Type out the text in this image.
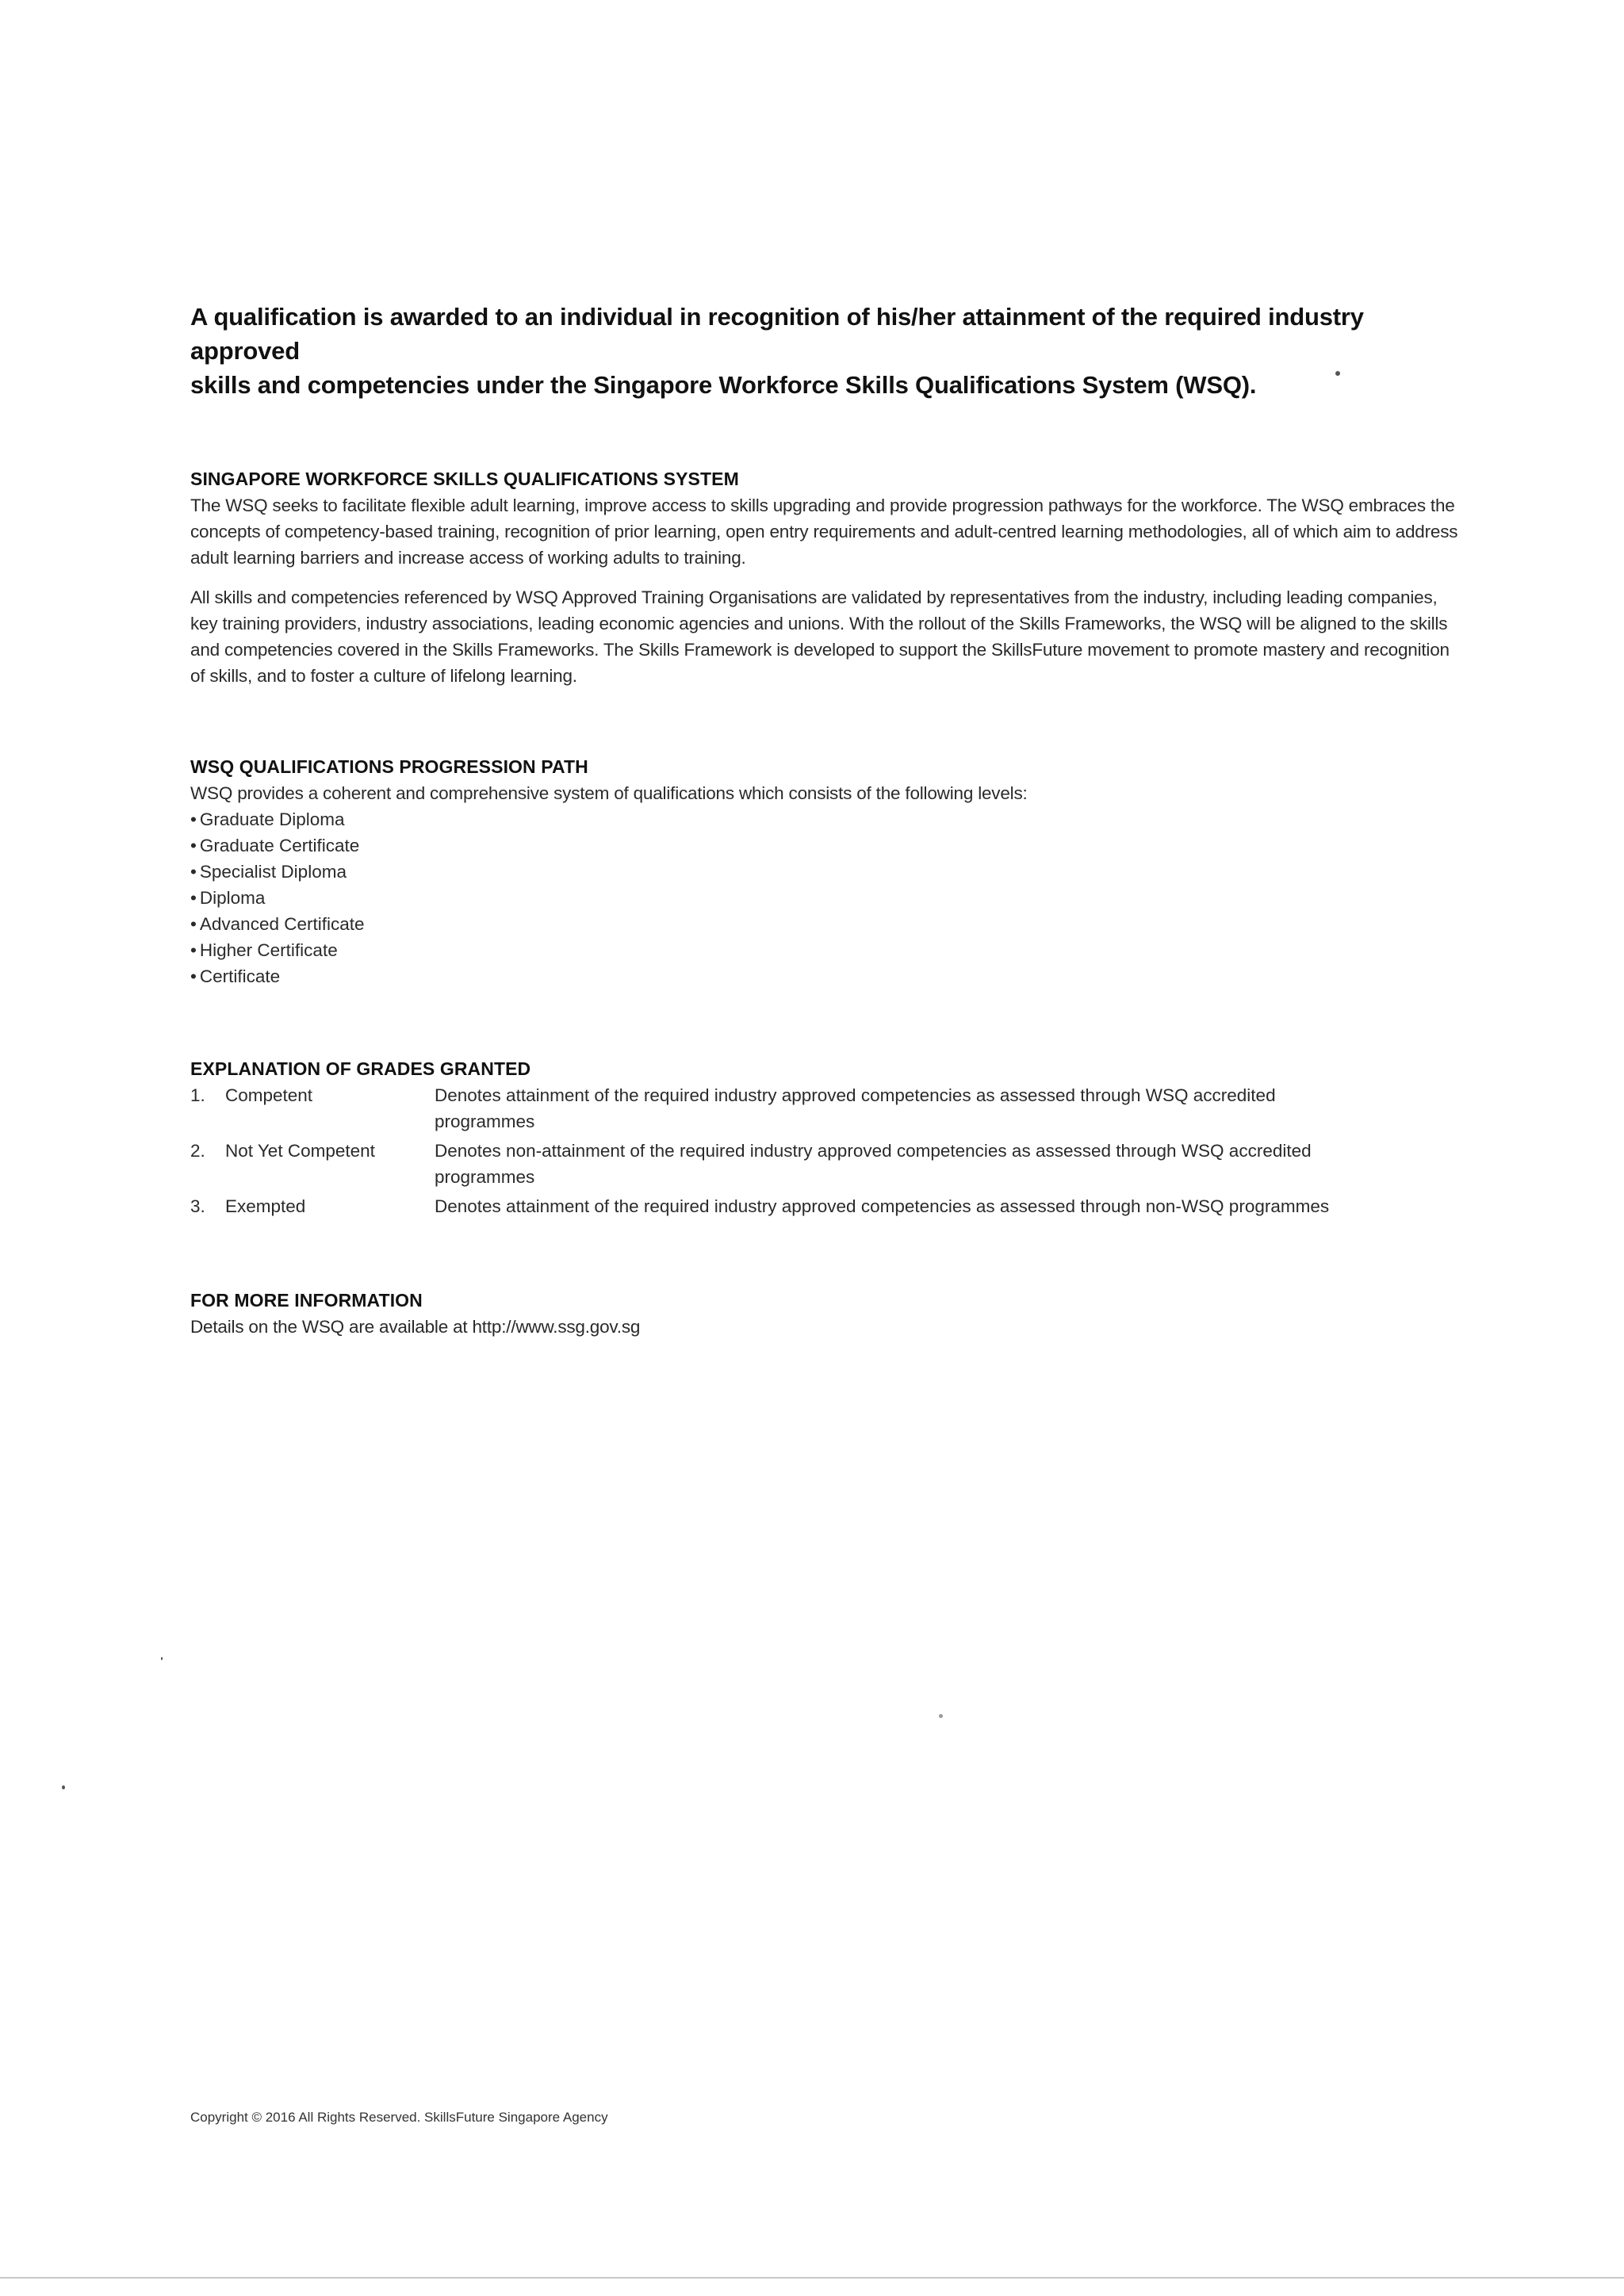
A qualification is awarded to an individual in recognition of his/her attainment of the required industry approved
skills and competencies under the Singapore Workforce Skills Qualifications System (WSQ).
SINGAPORE WORKFORCE SKILLS QUALIFICATIONS SYSTEM

The WSQ seeks to facilitate flexible adult learning, improve access to skills upgrading and provide progression pathways for the workforce. The WSQ embraces the concepts of competency-based training, recognition of prior learning, open entry requirements and adult-centred learning methodologies, all of which aim to address adult learning barriers and increase access of working adults to training.

All skills and competencies referenced by WSQ Approved Training Organisations are validated by representatives from the industry, including leading companies, key training providers, industry associations, leading economic agencies and unions. With the rollout of the Skills Frameworks, the WSQ will be aligned to the skills and competencies covered in the Skills Frameworks. The Skills Framework is developed to support the SkillsFuture movement to promote mastery and recognition of skills, and to foster a culture of lifelong learning.

WSQ QUALIFICATIONS PROGRESSION PATH

WSQ provides a coherent and comprehensive system of qualifications which consists of the following levels:

• Graduate Diploma
• Graduate Certificate
• Specialist Diploma
• Diploma
• Advanced Certificate
• Higher Certificate
• Certificate
EXPLANATION OF GRADES GRANTED
1.	Competent	Denotes attainment of the required industry approved competencies as assessed through WSQ accredited programmes
2.	Not Yet Competent	Denotes non-attainment of the required industry approved competencies as assessed through WSQ accredited programmes
3.	Exempted	Denotes attainment of the required industry approved competencies as assessed through non-WSQ programmes
FOR MORE INFORMATION

Details on the WSQ are available at http://www.ssg.gov.sg

Copyright © 2016 All Rights Reserved. SkillsFuture Singapore Agency
